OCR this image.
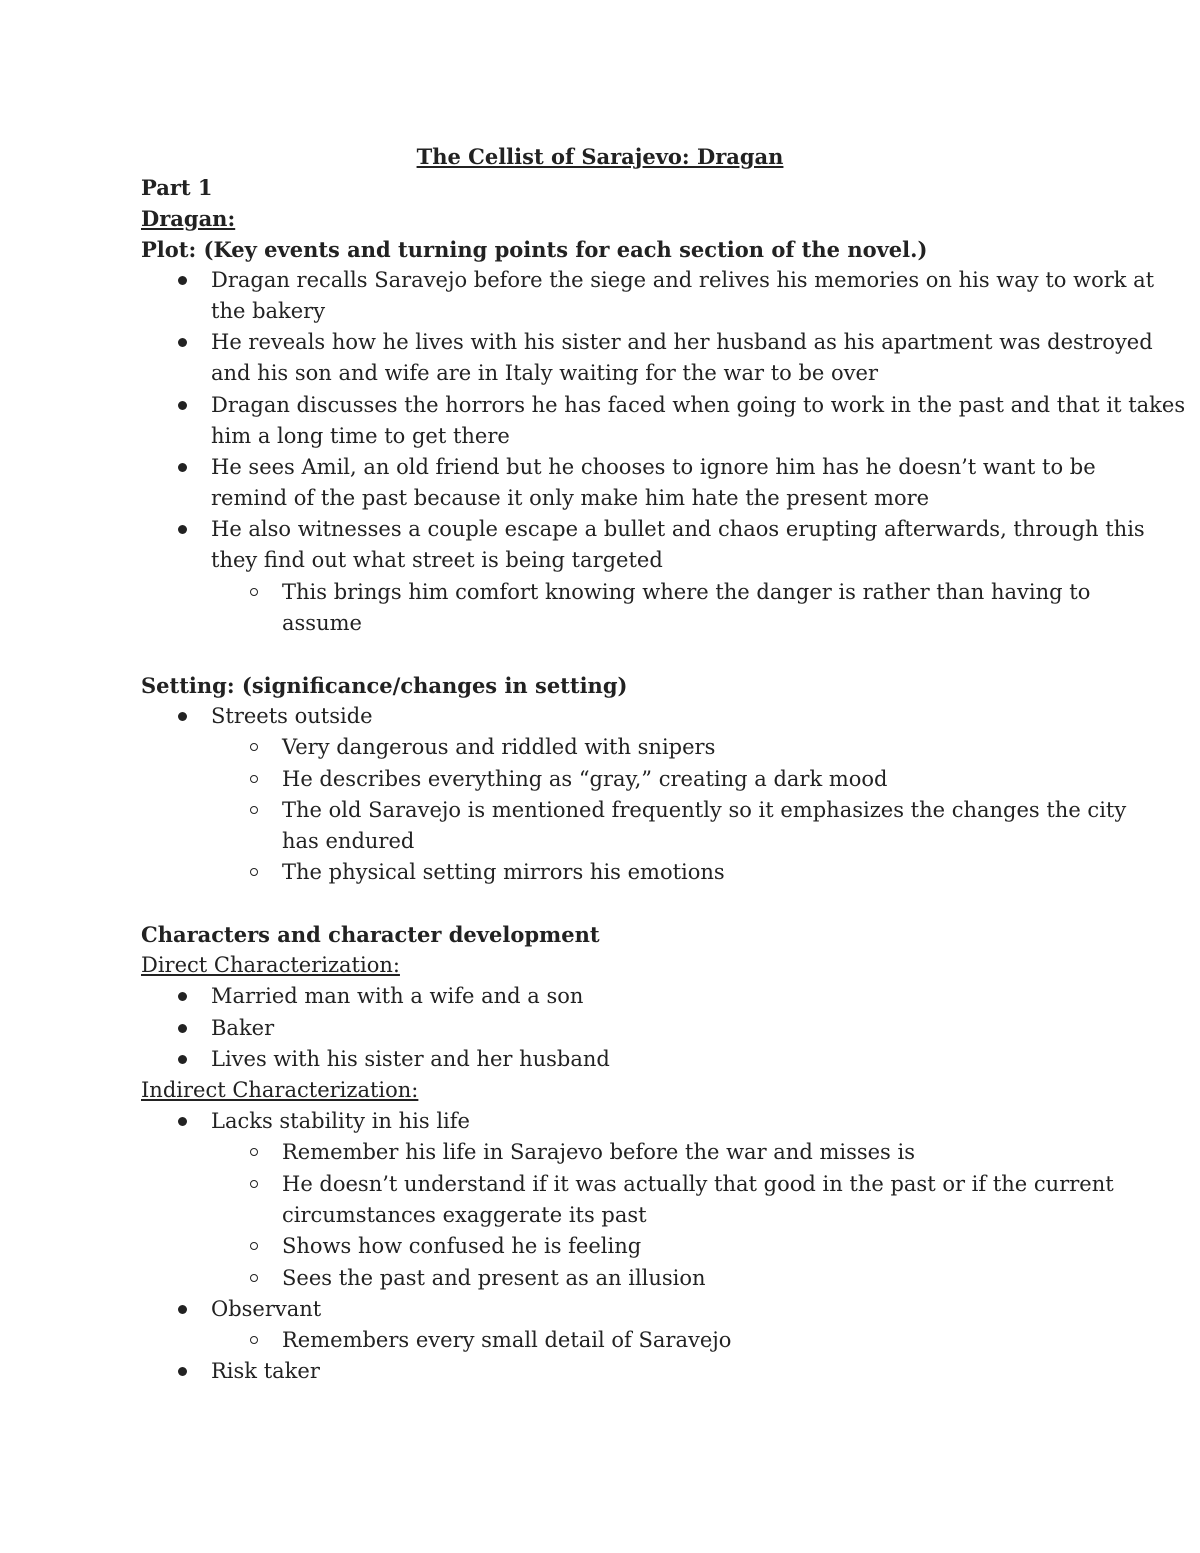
The Cellist of Sarajevo: Dragan
Part 1
Dragan:
Plot: (Key events and turning points for each section of the novel.)
Dragan recalls Saravejo before the siege and relives his memories on his way to work at
the bakery
He reveals how he lives with his sister and her husband as his apartment was destroyed
and his son and wife are in Italy waiting for the war to be over
Dragan discusses the horrors he has faced when going to work in the past and that it takes
him a long time to get there
He sees Amil, an old friend but he chooses to ignore him has he doesn’t want to be
remind of the past because it only make him hate the present more
He also witnesses a couple escape a bullet and chaos erupting afterwards, through this
they find out what street is being targeted
This brings him comfort knowing where the danger is rather than having to
assume
Setting: (significance/changes in setting)
Streets outside
Very dangerous and riddled with snipers
He describes everything as “gray,” creating a dark mood
The old Saravejo is mentioned frequently so it emphasizes the changes the city
has endured
The physical setting mirrors his emotions
Characters and character development
Direct Characterization:
Married man with a wife and a son
Baker
Lives with his sister and her husband
Indirect Characterization:
Lacks stability in his life
Remember his life in Sarajevo before the war and misses is
He doesn’t understand if it was actually that good in the past or if the current
circumstances exaggerate its past
Shows how confused he is feeling
Sees the past and present as an illusion
Observant
Remembers every small detail of Saravejo
Risk taker
